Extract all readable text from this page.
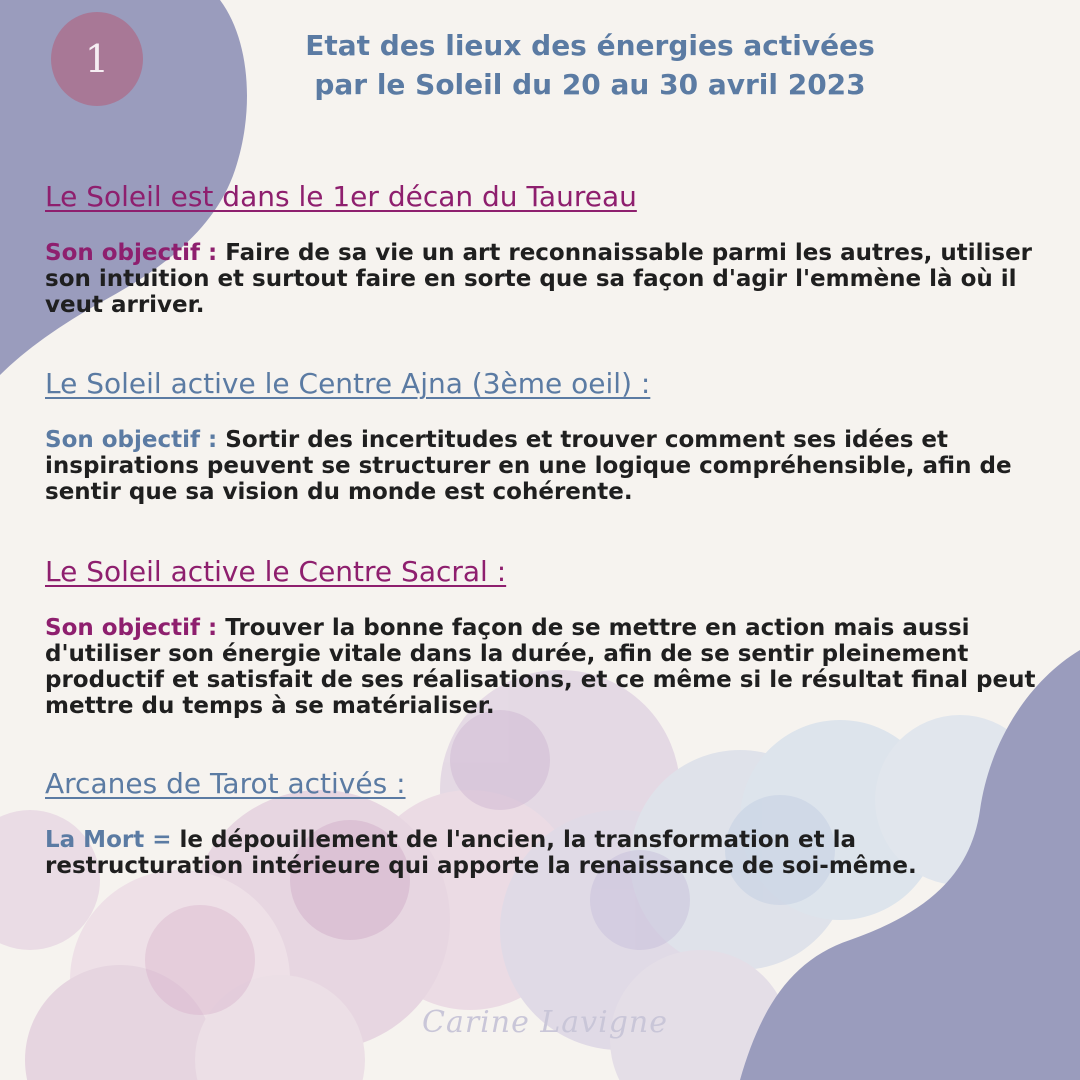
1	Etat des lieux des énergies activées
par le Soleil du 20 au 30 avril 2023
Le Soleil est dans le 1er décan du Taureau
Son objectif : Faire de sa vie un art reconnaissable parmi les autres, utiliser
son intuition et surtout faire en sorte que sa façon d'agir l'emmène là où il
veut arriver.
Le Soleil active le Centre Ajna (3ème oeil) :
Son objectif : Sortir des incertitudes et trouver comment ses idées et
inspirations peuvent se structurer en une logique compréhensible, afin de
sentir que sa vision du monde est cohérente.
Le Soleil active le Centre Sacral :
Son objectif : Trouver la bonne façon de se mettre en action mais aussi
d'utiliser son énergie vitale dans la durée, afin de se sentir pleinement
productif et satisfait de ses réalisations, et ce même si le résultat final peut
mettre du temps à se matérialiser.
Arcanes de Tarot activés :
La Mort = le dépouillement de l'ancien, la transformation et la
restructuration intérieure qui apporte la renaissance de soi-même.
Carine Lavigne
